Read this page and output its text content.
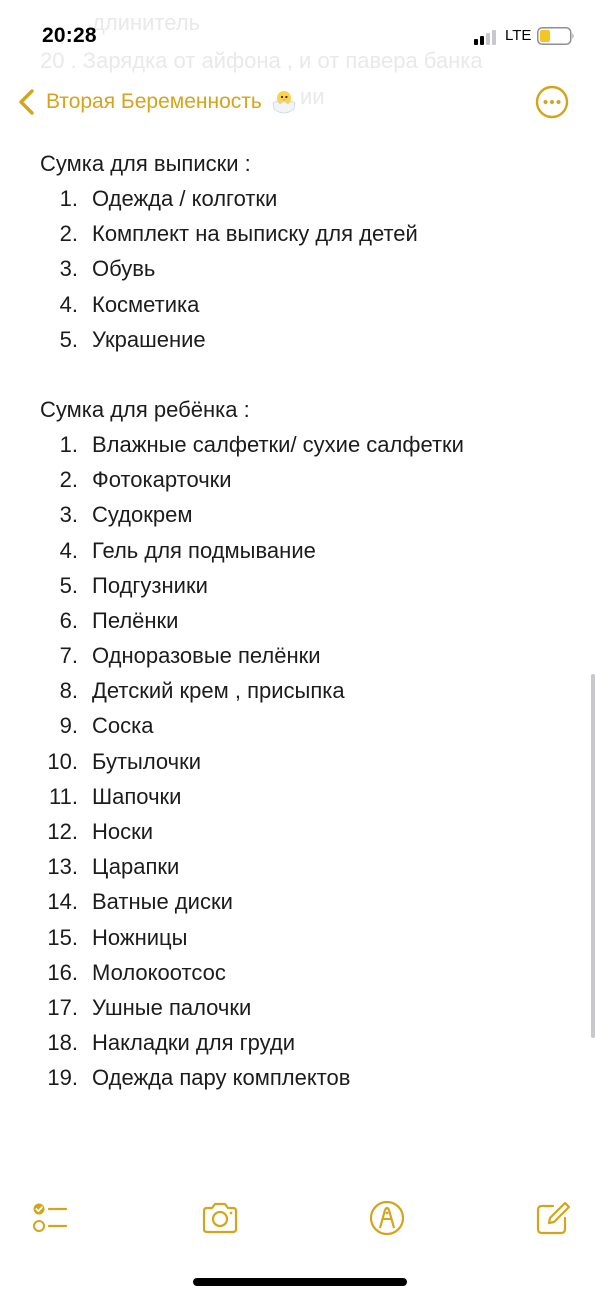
длинитель
20 . Зарядка от айфона , и от павера банка
ии
20:28	LTE
Вторая Беременность
Сумка для выписки :
1. Одежда / колготки
2. Комплект на выписку для детей
3. Обувь
4. Косметика
5. Украшение
Сумка для ребёнка :
1. Влажные салфетки/ сухие салфетки
2. Фотокарточки
3. Судокрем
4. Гель для подмывание
5. Подгузники
6. Пелёнки
7. Одноразовые пелёнки
8. Детский крем , присыпка
9. Соска
10. Бутылочки
11. Шапочки
12. Носки
13. Царапки
14. Ватные диски
15. Ножницы
16. Молокоотсос
17. Ушные палочки
18. Накладки для груди
19. Одежда пару комплектов
